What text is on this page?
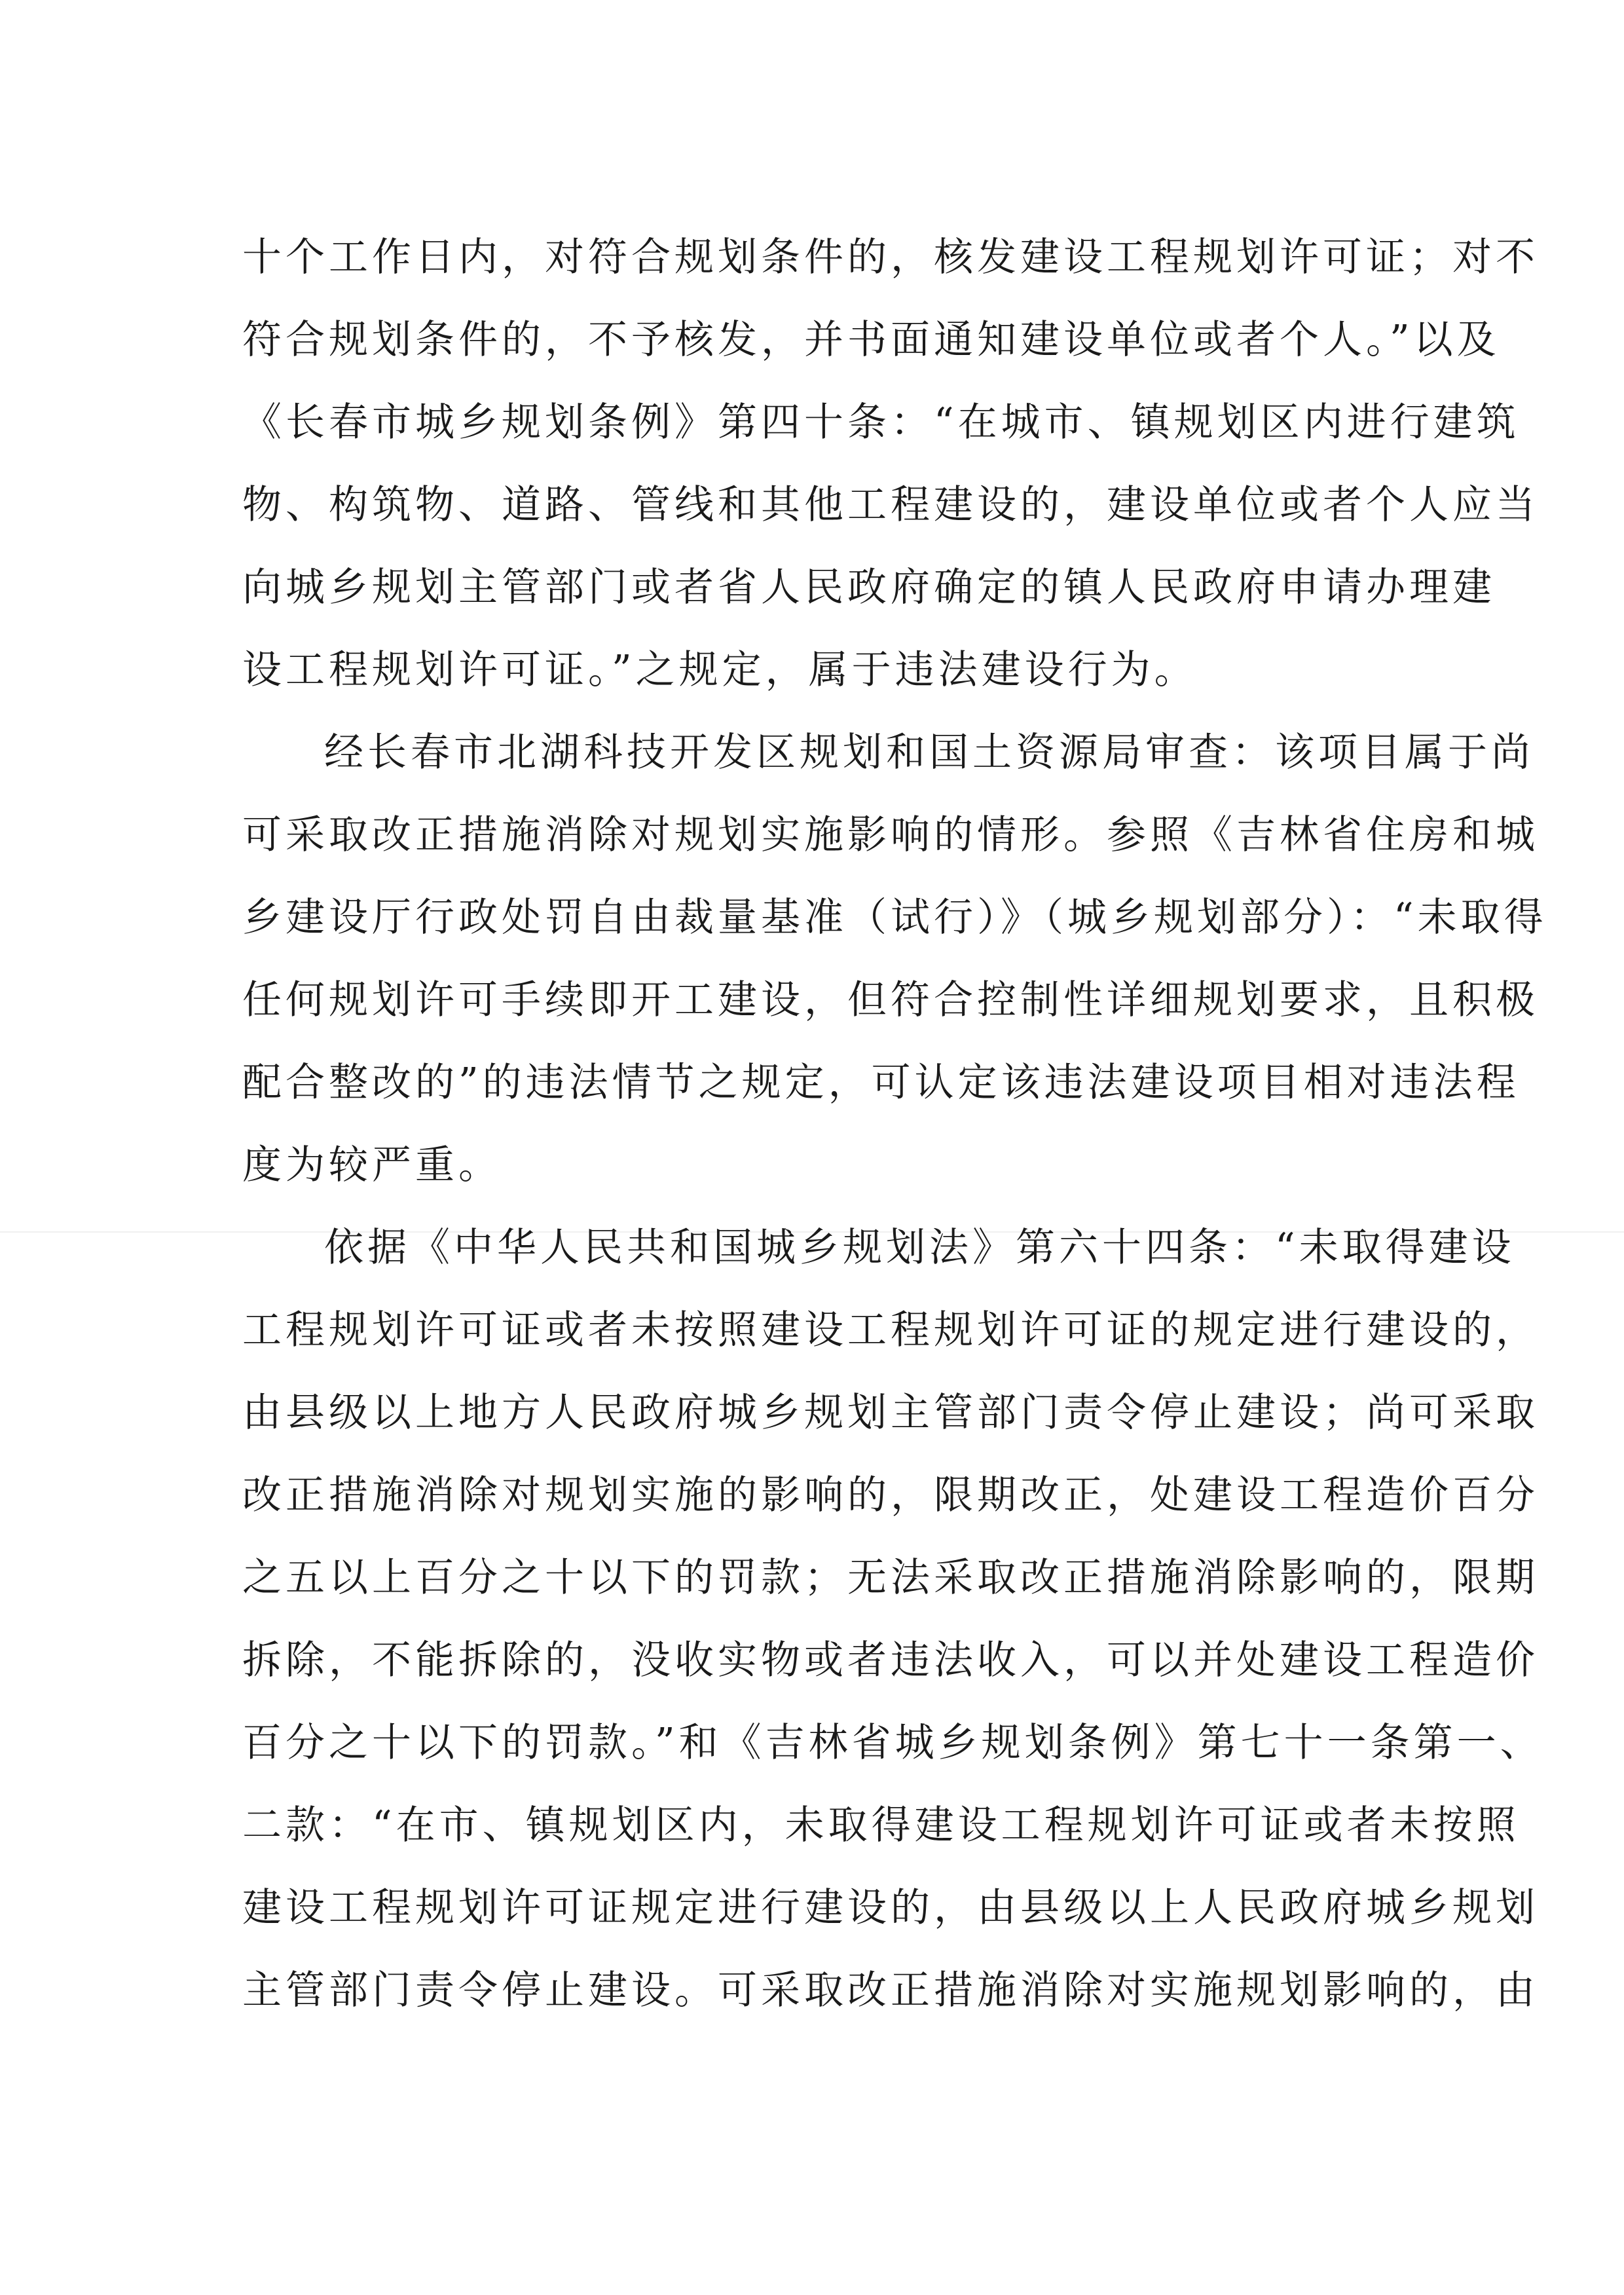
十个工作日内，对符合规划条件的，核发建设工程规划许可证；对不
符合规划条件的，不予核发，并书面通知建设单位或者个人。”以及
《长春市城乡规划条例》第四十条：“在城市、镇规划区内进行建筑
物、构筑物、道路、管线和其他工程建设的，建设单位或者个人应当
向城乡规划主管部门或者省人民政府确定的镇人民政府申请办理建
设工程规划许可证。”之规定，属于违法建设行为。
经长春市北湖科技开发区规划和国土资源局审查：该项目属于尚
可采取改正措施消除对规划实施影响的情形。参照《吉林省住房和城
乡建设厅行政处罚自由裁量基准（试行）》（城乡规划部分）：“未取得
任何规划许可手续即开工建设，但符合控制性详细规划要求，且积极
配合整改的”的违法情节之规定，可认定该违法建设项目相对违法程
度为较严重。
依据《中华人民共和国城乡规划法》第六十四条：“未取得建设
工程规划许可证或者未按照建设工程规划许可证的规定进行建设的，
由县级以上地方人民政府城乡规划主管部门责令停止建设；尚可采取
改正措施消除对规划实施的影响的，限期改正，处建设工程造价百分
之五以上百分之十以下的罚款；无法采取改正措施消除影响的，限期
拆除，不能拆除的，没收实物或者违法收入，可以并处建设工程造价
百分之十以下的罚款。”和《吉林省城乡规划条例》第七十一条第一、
二款：“在市、镇规划区内，未取得建设工程规划许可证或者未按照
建设工程规划许可证规定进行建设的，由县级以上人民政府城乡规划
主管部门责令停止建设。可采取改正措施消除对实施规划影响的，由
